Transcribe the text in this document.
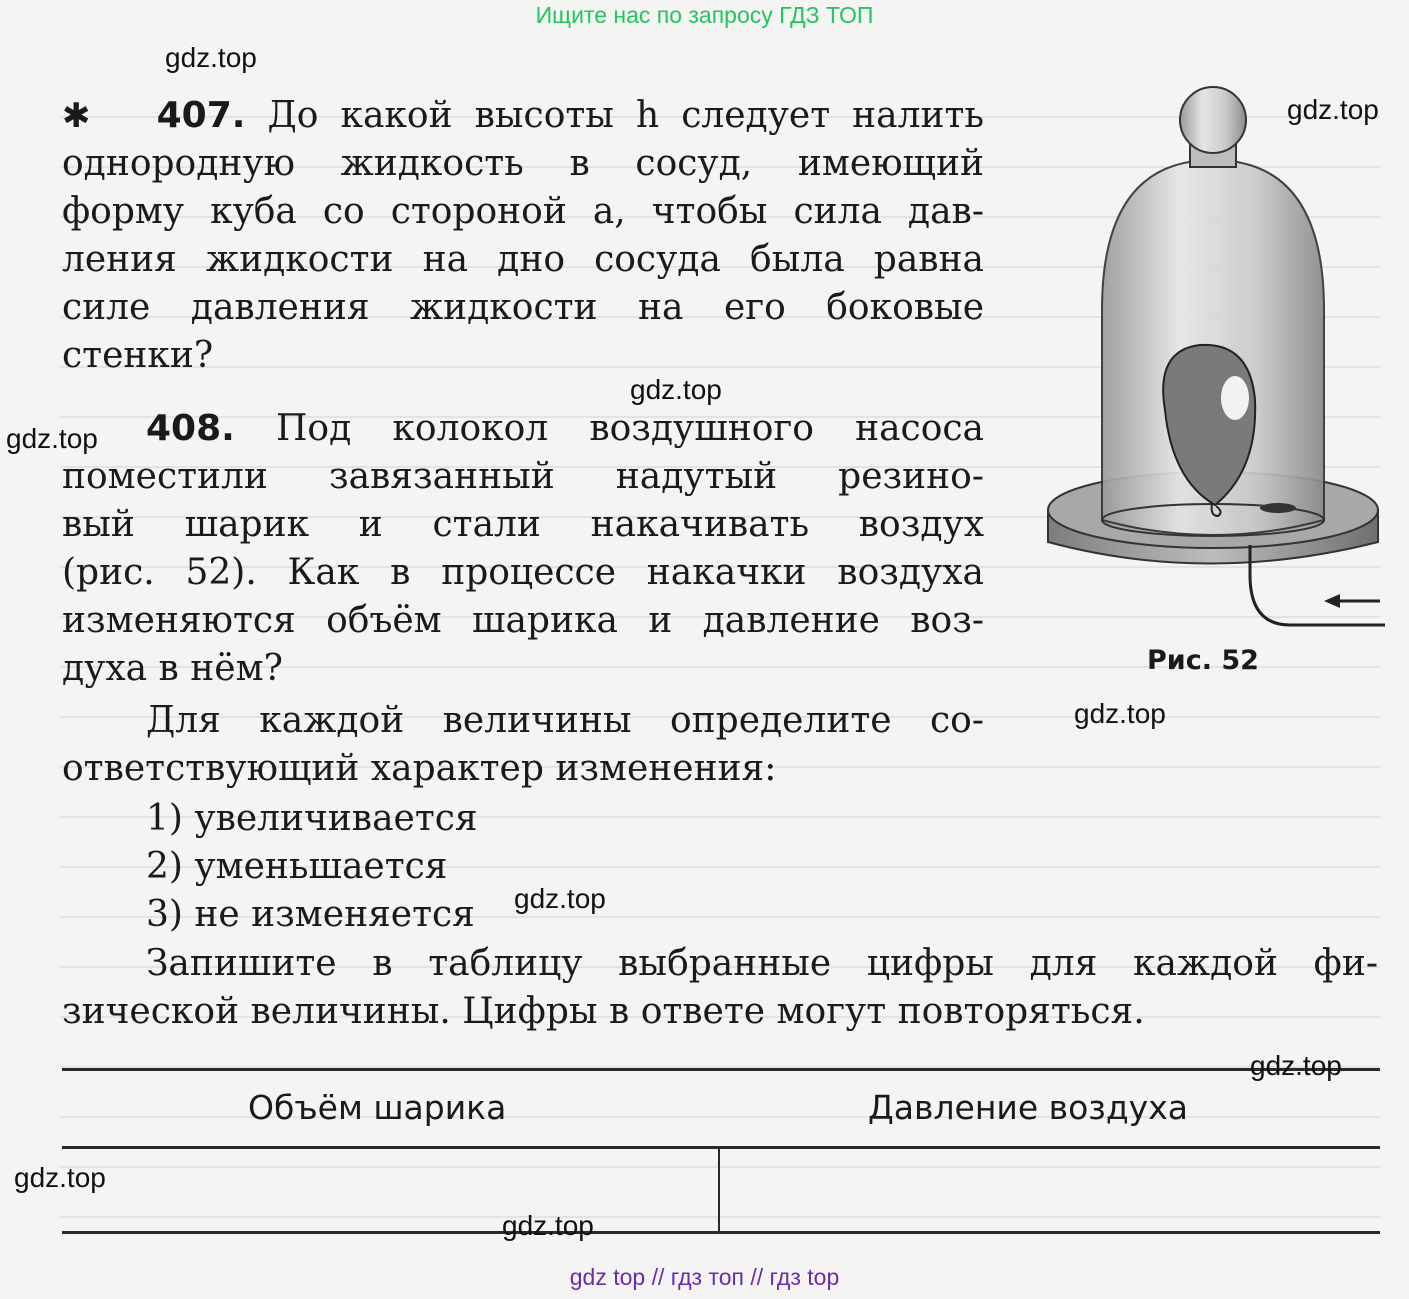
Ищите нас по запросу ГДЗ ТОП
✱ 407. До какой высоты h следует налить
однородную жидкость в сосуд, имеющий
форму куба со стороной a, чтобы сила дав-
ления жидкости на дно сосуда была равна
силе давления жидкости на его боковые
стенки?
408. Под колокол воздушного насоса
поместили завязанный надутый резино-
вый шарик и стали накачивать воздух
(рис. 52). Как в процессе накачки воздуха
изменяются объём шарика и давление воз-
духа в нём?
Для каждой величины определите со-
ответствующий характер изменения:
1) увеличивается
2) уменьшается
3) не изменяется
Запишите в таблицу выбранные цифры для каждой фи-
зической величины. Цифры в ответе могут повторяться.
Рис. 52
Объём шарика	Давление воздуха
gdz.top
gdz.top
gdz.top
gdz.top
gdz.top
gdz.top
gdz.top
gdz.top
gdz.top
gdz top // гдз топ // гдз top
